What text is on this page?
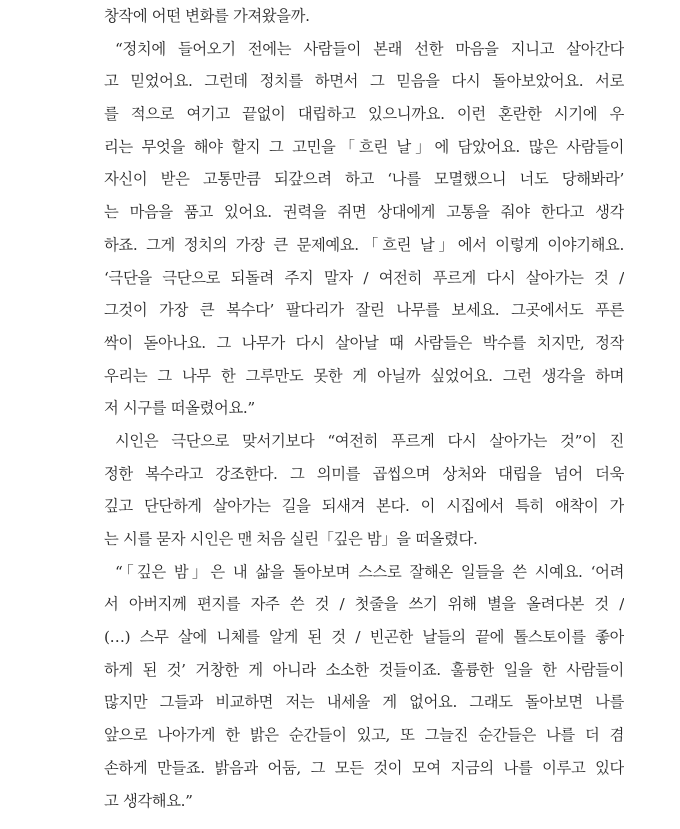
창작에 어떤 변화를 가져왔을까.
“정치에 들어오기 전에는 사람들이 본래 선한 마음을 지니고 살아간다
고 믿었어요. 그런데 정치를 하면서 그 믿음을 다시 돌아보았어요. 서로
를 적으로 여기고 끝없이 대립하고 있으니까요. 이런 혼란한 시기에 우
리는 무엇을 해야 할지 그 고민을「흐린 날」에 담았어요. 많은 사람들이
자신이 받은 고통만큼 되갚으려 하고 ‘나를 모멸했으니 너도 당해봐라’
는 마음을 품고 있어요. 권력을 쥐면 상대에게 고통을 줘야 한다고 생각
하죠. 그게 정치의 가장 큰 문제예요.「흐린 날」에서 이렇게 이야기해요.
‘극단을 극단으로 되돌려 주지 말자 / 여전히 푸르게 다시 살아가는 것 /
그것이 가장 큰 복수다’ 팔다리가 잘린 나무를 보세요. 그곳에서도 푸른
싹이 돋아나요. 그 나무가 다시 살아날 때 사람들은 박수를 치지만, 정작
우리는 그 나무 한 그루만도 못한 게 아닐까 싶었어요. 그런 생각을 하며
저 시구를 떠올렸어요.”
시인은 극단으로 맞서기보다 “여전히 푸르게 다시 살아가는 것”이 진
정한 복수라고 강조한다. 그 의미를 곱씹으며 상처와 대립을 넘어 더욱
깊고 단단하게 살아가는 길을 되새겨 본다. 이 시집에서 특히 애착이 가
는 시를 묻자 시인은 맨 처음 실린「깊은 밤」을 떠올렸다.
“「깊은 밤」은 내 삶을 돌아보며 스스로 잘해온 일들을 쓴 시예요. ‘어려
서 아버지께 편지를 자주 쓴 것 / 첫줄을 쓰기 위해 별을 올려다본 것 /
(…) 스무 살에 니체를 알게 된 것 / 빈곤한 날들의 끝에 톨스토이를 좋아
하게 된 것’ 거창한 게 아니라 소소한 것들이죠. 훌륭한 일을 한 사람들이
많지만 그들과 비교하면 저는 내세울 게 없어요. 그래도 돌아보면 나를
앞으로 나아가게 한 밝은 순간들이 있고, 또 그늘진 순간들은 나를 더 겸
손하게 만들죠. 밝음과 어둠, 그 모든 것이 모여 지금의 나를 이루고 있다
고 생각해요.”
